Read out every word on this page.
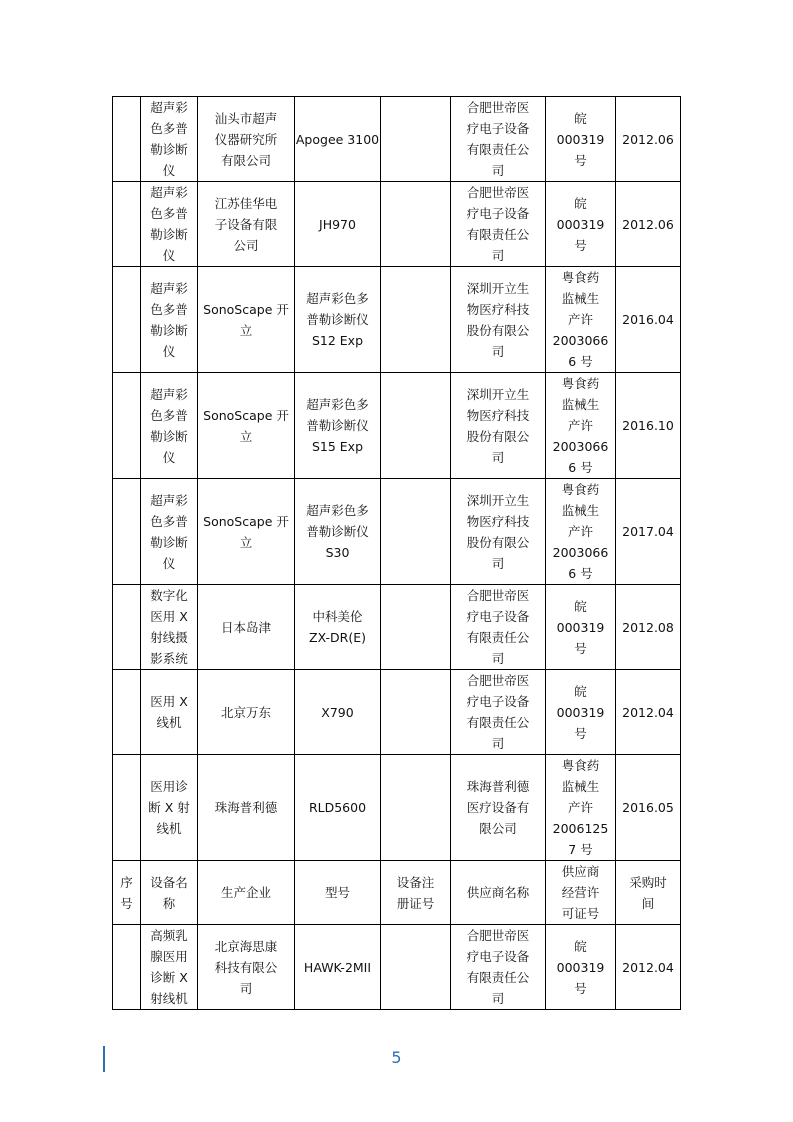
	超声彩
色多普
勒诊断
仪	汕头市超声
仪器研究所
有限公司	Apogee 3100		合肥世帝医
疗电子设备
有限责任公
司	皖
000319
号	2012.06
	超声彩
色多普
勒诊断
仪	江苏佳华电
子设备有限
公司	JH970		合肥世帝医
疗电子设备
有限责任公
司	皖
000319
号	2012.06
	超声彩
色多普
勒诊断
仪	SonoScape 开
立	超声彩色多
普勒诊断仪
S12 Exp		深圳开立生
物医疗科技
股份有限公
司	粤食药
监械生
产许
2003066
6 号	2016.04
	超声彩
色多普
勒诊断
仪	SonoScape 开
立	超声彩色多
普勒诊断仪
S15 Exp		深圳开立生
物医疗科技
股份有限公
司	粤食药
监械生
产许
2003066
6 号	2016.10
	超声彩
色多普
勒诊断
仪	SonoScape 开
立	超声彩色多
普勒诊断仪
S30		深圳开立生
物医疗科技
股份有限公
司	粤食药
监械生
产许
2003066
6 号	2017.04
	数字化
医用 X
射线摄
影系统	日本岛津	中科美伦
ZX-DR(E)		合肥世帝医
疗电子设备
有限责任公
司	皖
000319
号	2012.08
	医用 X
线机	北京万东	X790		合肥世帝医
疗电子设备
有限责任公
司	皖
000319
号	2012.04
	医用诊
断 X 射
线机	珠海普利德	RLD5600		珠海普利德
医疗设备有
限公司	粤食药
监械生
产许
2006125
7 号	2016.05
序
号	设备名
称	生产企业	型号	设备注
册证号	供应商名称	供应商
经营许
可证号	采购时
间
	高频乳
腺医用
诊断 X
射线机	北京海思康
科技有限公
司	HAWK-2MII		合肥世帝医
疗电子设备
有限责任公
司	皖
000319
号	2012.04
5
